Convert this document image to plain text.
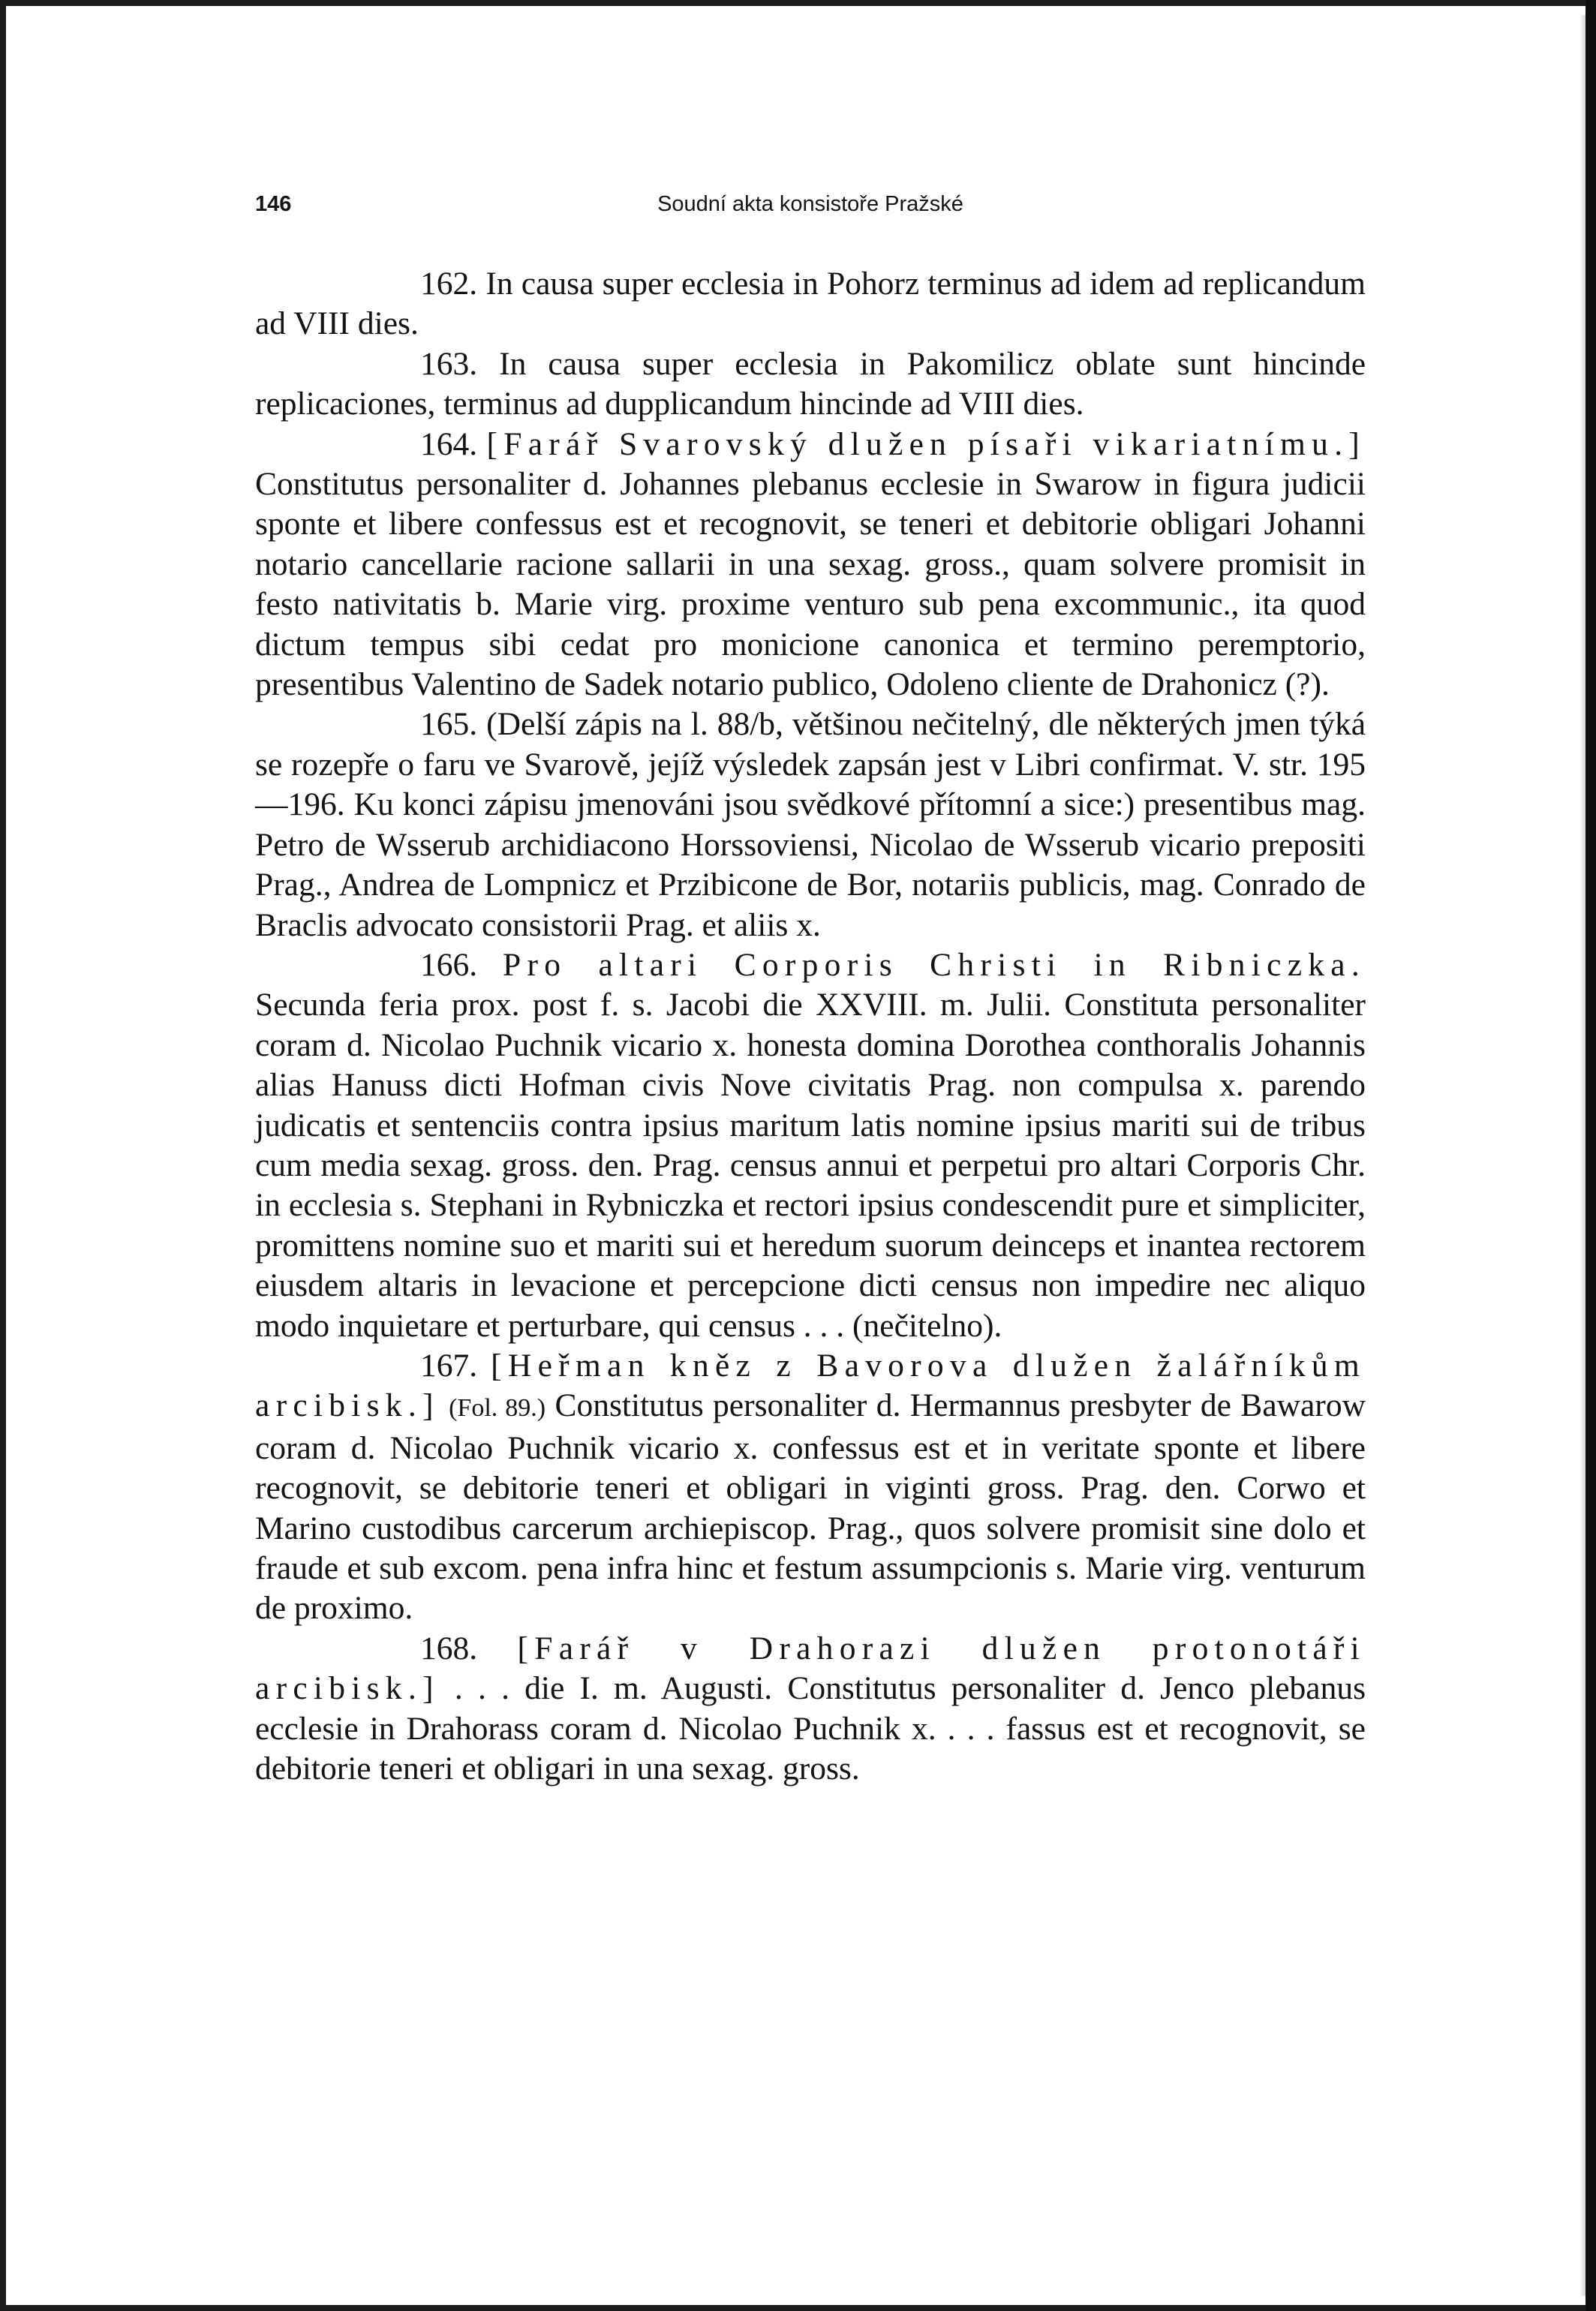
146	Soudní akta konsistoře Pražské

162. In causa super ecclesia in Pohorz terminus ad idem ad replicandum ad VIII dies.

163. In causa super ecclesia in Pakomilicz oblate sunt hincinde replicaciones, terminus ad dupplicandum hincinde ad VIII dies.

164. [Farář Svarovský dlužen písaři vikariatnímu.] Constitutus personaliter d. Johannes plebanus ecclesie in Swarow in figura judicii sponte et libere confessus est et recognovit, se teneri et debitorie obligari Johanni notario cancellarie racione sallarii in una sexag. gross., quam solvere promisit in festo nativitatis b. Marie virg. proxime venturo sub pena excommunic., ita quod dictum tempus sibi cedat pro monicione canonica et termino peremptorio, presentibus Valentino de Sadek notario publico, Odoleno cliente de Drahonicz (?).

165. (Delší zápis na l. 88/b, většinou nečitelný, dle některých jmen týká se rozepře o faru ve Svarově, jejíž výsledek zapsán jest v Libri confirmat. V. str. 195—196. Ku konci zápisu jmenováni jsou svědkové přítomní a sice:) presentibus mag. Petro de Wsserub archidiacono Horssoviensi, Nicolao de Wsserub vicario prepositi Prag., Andrea de Lompnicz et Przibicone de Bor, notariis publicis, mag. Conrado de Braclis advocato consistorii Prag. et aliis x.

166. Pro altari Corporis Christi in Ribniczka. Secunda feria prox. post f. s. Jacobi die XXVIII. m. Julii. Constituta personaliter coram d. Nicolao Puchnik vicario x. honesta domina Dorothea conthoralis Johannis alias Hanuss dicti Hofman civis Nove civitatis Prag. non compulsa x. parendo judicatis et sentenciis contra ipsius maritum latis nomine ipsius mariti sui de tribus cum media sexag. gross. den. Prag. census annui et perpetui pro altari Corporis Chr. in ecclesia s. Stephani in Rybniczka et rectori ipsius condescendit pure et simpliciter, promittens nomine suo et mariti sui et heredum suorum deinceps et inantea rectorem eiusdem altaris in levacione et percepcione dicti census non impedire nec aliquo modo inquietare et perturbare, qui census . . . (nečitelno).

167. [Heřman kněz z Bavorova dlužen žalářníkům arcibisk.] (Fol. 89.) Constitutus personaliter d. Hermannus presbyter de Bawarow coram d. Nicolao Puchnik vicario x. confessus est et in veritate sponte et libere recognovit, se debitorie teneri et obligari in viginti gross. Prag. den. Corwo et Marino custodibus carcerum archiepiscop. Prag., quos solvere promisit sine dolo et fraude et sub excom. pena infra hinc et festum assumpcionis s. Marie virg. venturum de proximo.

168. [Farář v Drahorazi dlužen protonotáři arcibisk.] . . . die I. m. Augusti. Constitutus personaliter d. Jenco plebanus ecclesie in Drahorass coram d. Nicolao Puchnik x. . . . fassus est et recognovit, se debitorie teneri et obligari in una sexag. gross.
